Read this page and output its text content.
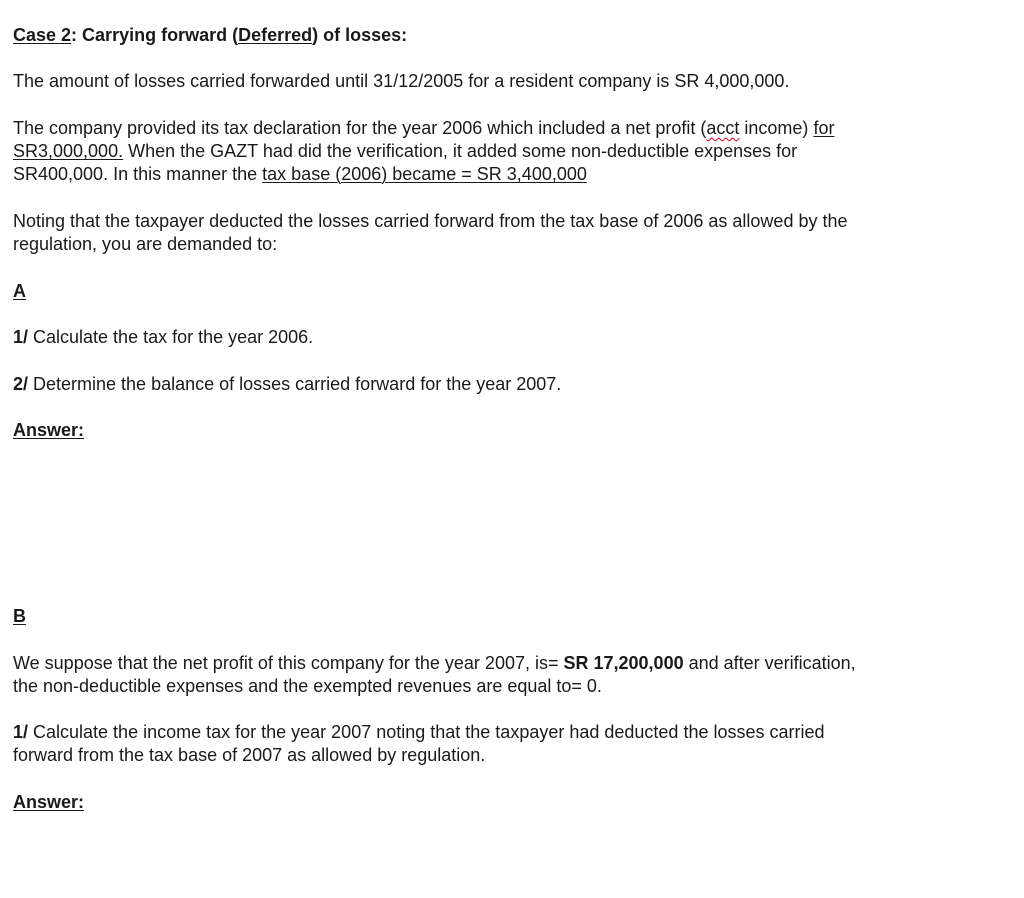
Case 2: Carrying forward (Deferred) of losses:
The amount of losses carried forwarded until 31/12/2005 for a resident company is SR 4,000,000.
The company provided its tax declaration for the year 2006 which included a net profit (acct income) for
SR3,000,000. When the GAZT had did the verification, it added some non-deductible expenses for
SR400,000. In this manner the tax base (2006) became = SR 3,400,000
Noting that the taxpayer deducted the losses carried forward from the tax base of 2006 as allowed by the
regulation, you are demanded to:
A
1/ Calculate the tax for the year 2006.
2/ Determine the balance of losses carried forward for the year 2007.
Answer:
B
We suppose that the net profit of this company for the year 2007, is= SR 17,200,000 and after verification,
the non-deductible expenses and the exempted revenues are equal to= 0.
1/ Calculate the income tax for the year 2007 noting that the taxpayer had deducted the losses carried
forward from the tax base of 2007 as allowed by regulation.
Answer:
